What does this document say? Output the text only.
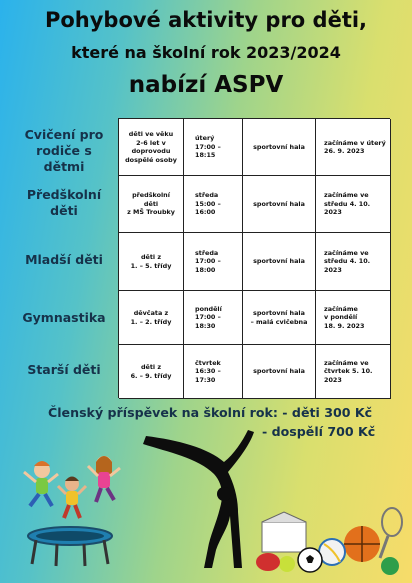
Pohybové aktivity pro děti,
které na školní rok 2023/2024
nabízí ASPV
Cvičení pro
rodiče s dětmi
Předškolní
děti
Mladší děti
Gymnastika
Starší děti
děti ve věku
2-6 let v
doprovodu
dospělé osoby
úterý
17:00 – 18:15
sportovní hala
začínáme v úterý
26. 9. 2023
předškolní
děti
z MŠ Troubky
středa
15:00 – 16:00
sportovní hala
začínáme ve
středu 4. 10. 2023
děti z
1. – 5. třídy
středa
17:00 – 18:00
sportovní hala
začínáme ve
středu 4. 10. 2023
děvčata z
1. – 2. třídy
pondělí
17:00 – 18:30
sportovní hala
– malá cvičebna
začínáme
v pondělí
18. 9. 2023
děti z
6. – 9. třídy
čtvrtek
16:30 – 17:30
sportovní hala
začínáme ve
čtvrtek 5. 10. 2023
Členský příspěvek na školní rok: - děti 300 Kč
- dospělí 700 Kč
